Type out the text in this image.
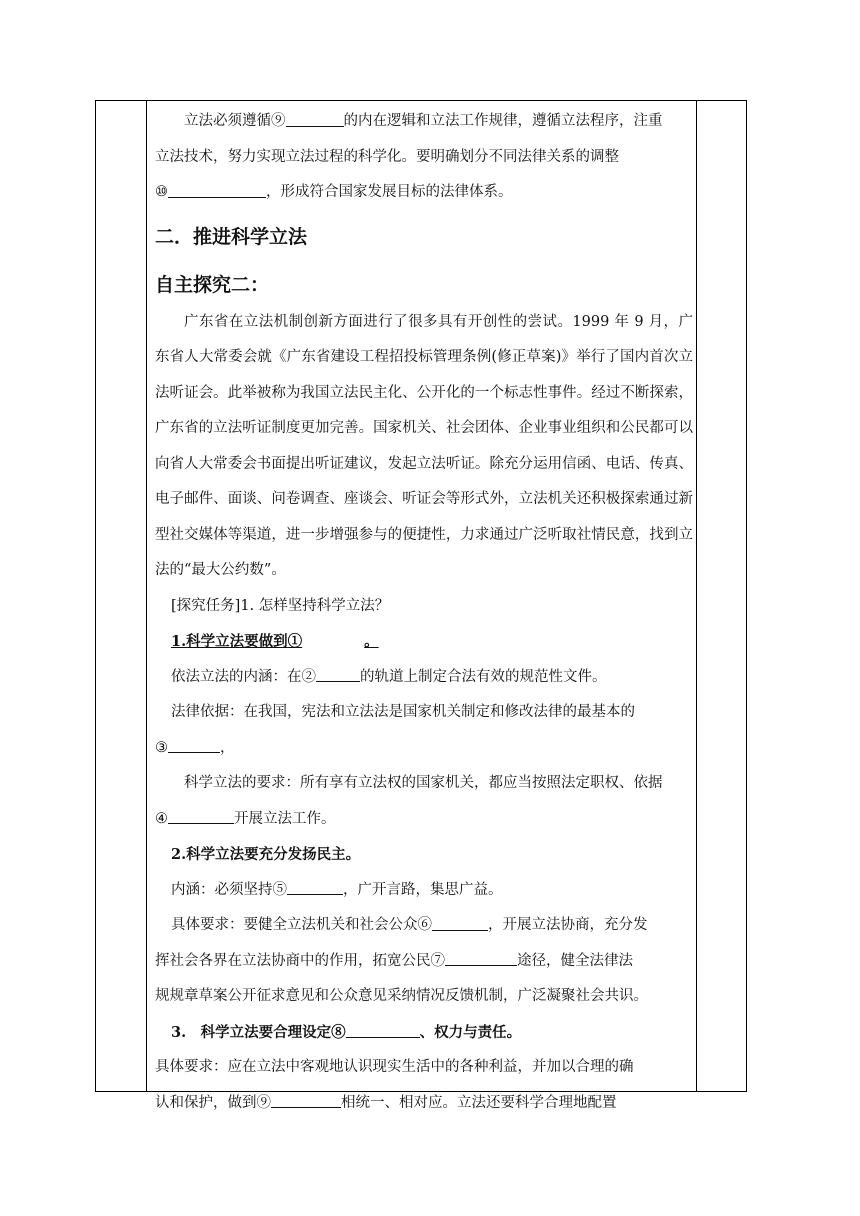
立法必须遵循⑨	的内在逻辑和立法工作规律，遵循立法程序，注重

立法技术，努力实现立法过程的科学化。要明确划分不同法律关系的调整

⑩	，形成符合国家发展目标的法律体系。

二．推进科学立法
自主探究二：

广东省在立法机制创新方面进行了很多具有开创性的尝试。1999 年 9 月，广东省人大常委会就《广东省建设工程招投标管理条例(修正草案)》举行了国内首次立法听证会。此举被称为我国立法民主化、公开化的一个标志性事件。经过不断探索，广东省的立法听证制度更加完善。国家机关、社会团体、企业事业组织和公民都可以向省人大常委会书面提出听证建议，发起立法听证。除充分运用信函、电话、传真、电子邮件、面谈、问卷调查、座谈会、听证会等形式外，立法机关还积极探索通过新型社交媒体等渠道，进一步增强参与的便捷性，力求通过广泛听取社情民意，找到立法的“最大公约数”。

[探究任务]1. 怎样坚持科学立法？

1.科学立法要做到①	。

依法立法的内涵：在②	的轨道上制定合法有效的规范性文件。

法律依据：在我国，宪法和立法法是国家机关制定和修改法律的最基本的

③	，

科学立法的要求：所有享有立法权的国家机关，都应当按照法定职权、依据

④	开展立法工作。

2.科学立法要充分发扬民主。

内涵：必须坚持⑤	，广开言路，集思广益。

具体要求：要健全立法机关和社会公众⑥	，开展立法协商，充分发

挥社会各界在立法协商中的作用，拓宽公民⑦	途径，健全法律法

规规章草案公开征求意见和公众意见采纳情况反馈机制，广泛凝聚社会共识。

3.　科学立法要合理设定⑧	、权力与责任。

具体要求：应在立法中客观地认识现实生活中的各种利益，并加以合理的确

认和保护，做到⑨	相统一、相对应。立法还要科学合理地配置
